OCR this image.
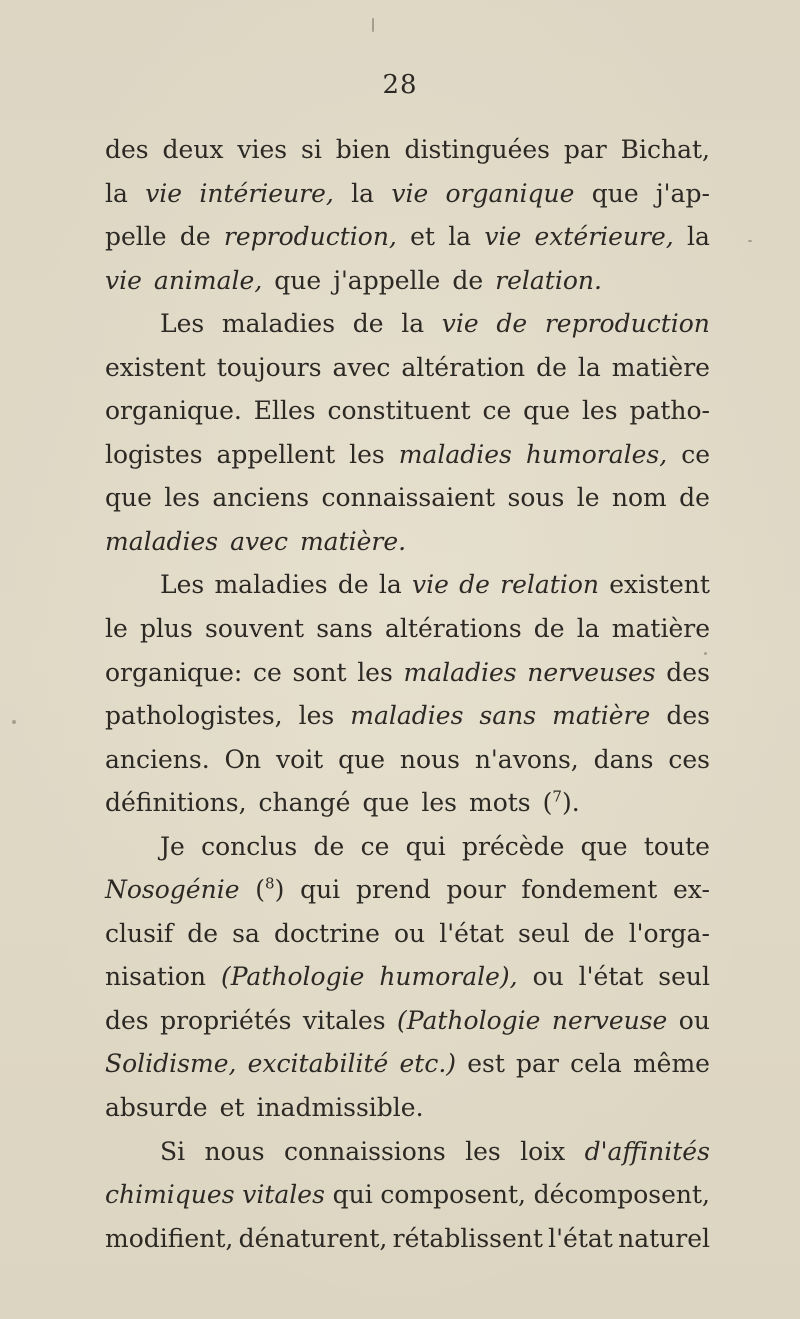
28
des deux vies si bien distinguées par Bichat,
la vie intérieure, la vie organique que j'ap-
pelle de reproduction, et la vie extérieure, la
vie animale, que j'appelle de relation.
Les maladies de la vie de reproduction
existent toujours avec altération de la matière
organique. Elles constituent ce que les patho-
logistes appellent les maladies humorales, ce
que les anciens connaissaient sous le nom de
maladies avec matière.
Les maladies de la vie de relation existent
le plus souvent sans altérations de la matière
organique: ce sont les maladies nerveuses des
pathologistes, les maladies sans matière des
anciens. On voit que nous n'avons, dans ces
définitions, changé que les mots ($^7$).
Je conclus de ce qui précède que toute
Nosogénie ($^8$) qui prend pour fondement ex-
clusif de sa doctrine ou l'état seul de l'orga-
nisation (Pathologie humorale), ou l'état seul
des propriétés vitales (Pathologie nerveuse ou
Solidisme, excitabilité etc.) est par cela même
absurde et inadmissible.
Si nous connaissions les loix d'affinités
chimiques vitales qui composent, décomposent,
modifient, dénaturent, rétablissent l'état naturel
